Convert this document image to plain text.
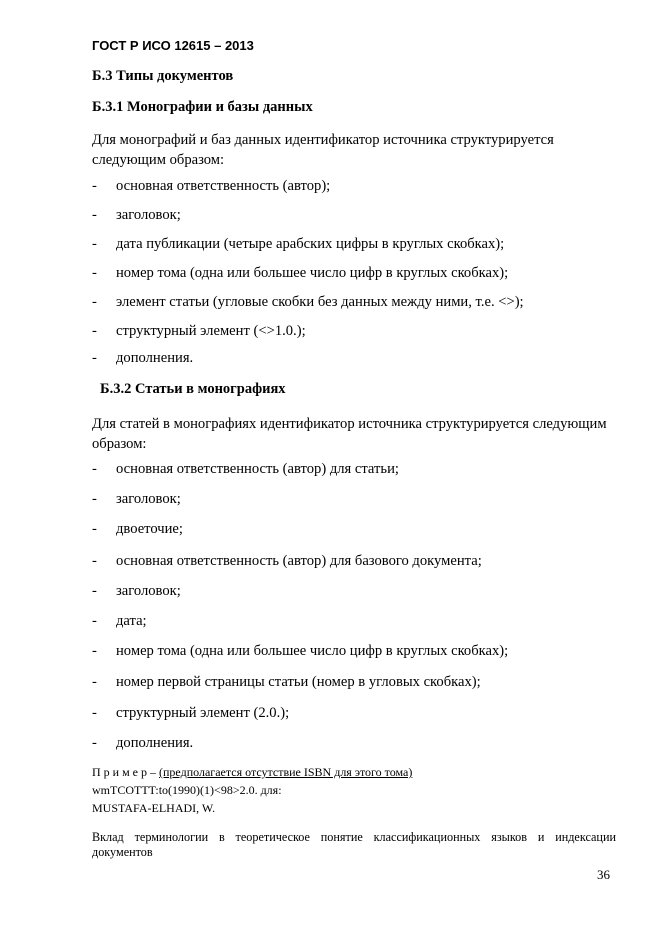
ГОСТ Р ИСО 12615 – 2013
Б.3 Типы документов
Б.3.1 Монографии и базы данных
Для монографий и баз данных идентификатор источника структурируется следующим образом:
- основная ответственность (автор);
- заголовок;
- дата публикации (четыре арабских цифры в круглых скобках);
- номер тома (одна или большее число цифр в круглых скобках);
- элемент статьи (угловые скобки без данных между ними, т.е. <>);
- структурный элемент (<>1.0.);
- дополнения.
Б.3.2 Статьи в монографиях
Для статей в монографиях идентификатор источника структурируется следующим образом:
- основная ответственность (автор) для статьи;
- заголовок;
- двоеточие;
- основная ответственность (автор) для базового документа;
- заголовок;
- дата;
- номер тома (одна или большее число цифр в круглых скобках);
- номер первой страницы статьи (номер в угловых скобках);
- структурный элемент (2.0.);
- дополнения.
П р и м е р – (предполагается отсутствие ISBN для этого тома)
wmTCOTTT:to(1990)(1)<98>2.0. для:
MUSTAFA-ELHADI, W.
Вклад терминологии в теоретическое понятие классификационных языков и индексации документов
36
